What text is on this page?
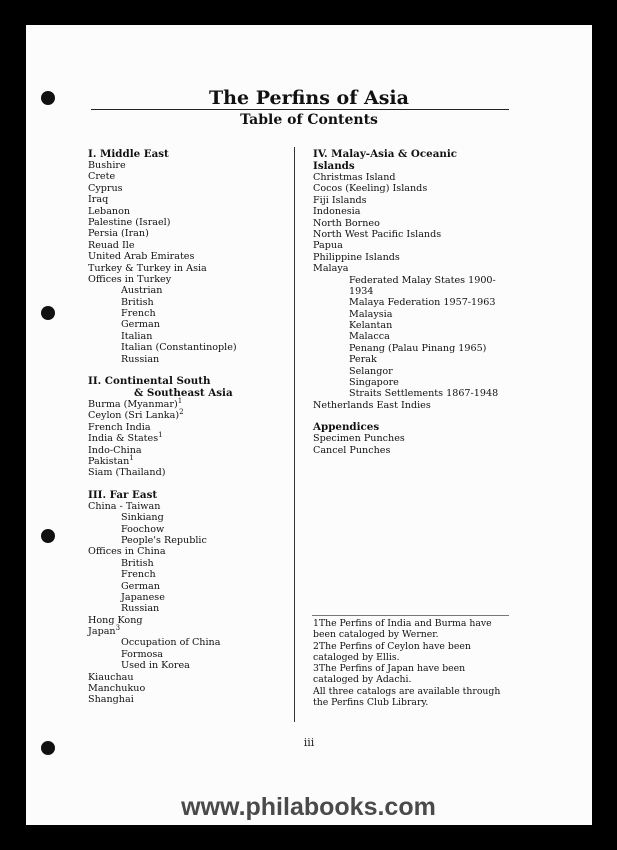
The Perfins of Asia
Table of Contents
I. Middle East
Bushire
Crete
Cyprus
Iraq
Lebanon
Palestine (Israel)
Persia (Iran)
Reuad Ile
United Arab Emirates
Turkey & Turkey in Asia
Offices in Turkey
Austrian
British
French
German
Italian
Italian (Constantinople)
Russian
II. Continental South
& Southeast Asia
Burma (Myanmar)$^1$
Ceylon (Sri Lanka)$^2$
French India
India & States$^1$
Indo-China
Pakistan$^1$
Siam (Thailand)
III. Far East
China - Taiwan
Sinkiang
Foochow
People's Republic
Offices in China
British
French
German
Japanese
Russian
Hong Kong
Japan$^3$
Occupation of China
Formosa
Used in Korea
Kiauchau
Manchukuo
Shanghai
IV. Malay-Asia & Oceanic
Islands
Christmas Island
Cocos (Keeling) Islands
Fiji Islands
Indonesia
North Borneo
North West Pacific Islands
Papua
Philippine Islands
Malaya
Federated Malay States 1900-
1934
Malaya Federation 1957-1963
Malaysia
Kelantan
Malacca
Penang (Palau Pinang 1965)
Perak
Selangor
Singapore
Straits Settlements 1867-1948
Netherlands East Indies
Appendices
Specimen Punches
Cancel Punches
1The Perfins of India and Burma have
been cataloged by Werner.
2The Perfins of Ceylon have been
cataloged by Ellis.
3The Perfins of Japan have been
cataloged by Adachi.
All three catalogs are available through
the Perfins Club Library.
iii
www.philabooks.com
